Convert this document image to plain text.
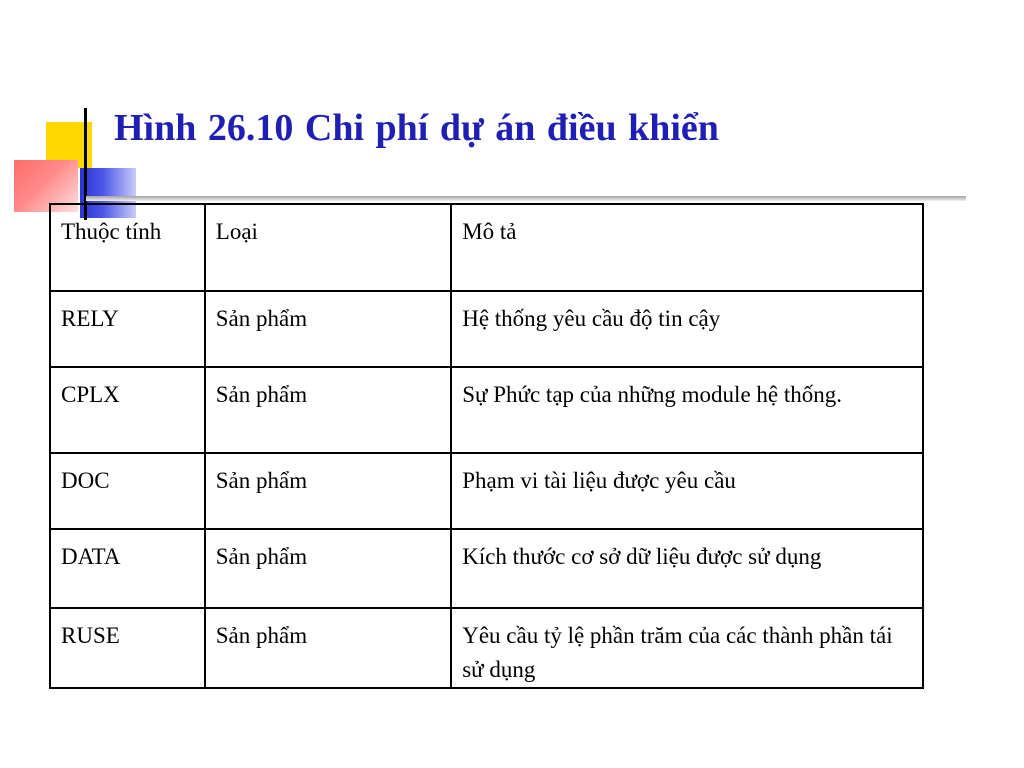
Hình 26.10 Chi phí dự án điều khiển
Thuộc tính	Loại	Mô tả
RELY	Sản phẩm	Hệ thống yêu cầu độ tin cậy
CPLX	Sản phẩm	Sự Phức tạp của những module hệ thống.
DOC	Sản phẩm	Phạm vi tài liệu được yêu cầu
DATA	Sản phẩm	Kích thước cơ sở dữ liệu được sử dụng
RUSE	Sản phẩm	Yêu cầu tỷ lệ phần trăm của các thành phần tái sử dụng
